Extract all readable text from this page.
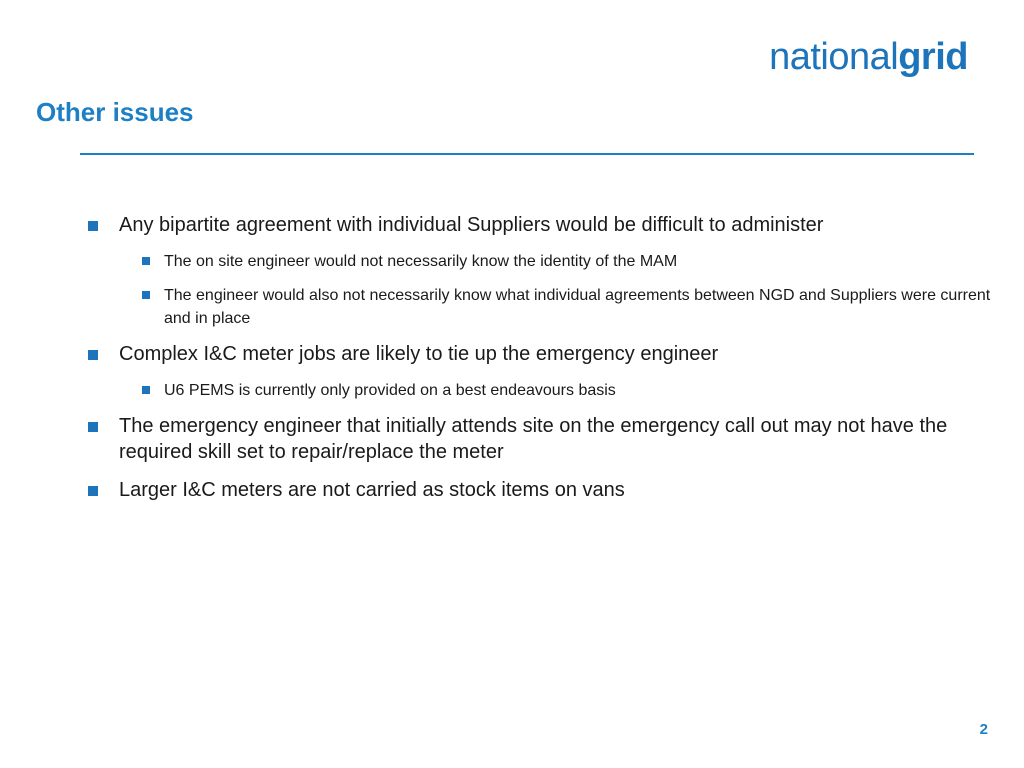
nationalgrid
Other issues
Any bipartite agreement with individual Suppliers would be difficult to administer
The on site engineer would not necessarily know the identity of the MAM
The engineer would also not necessarily know what individual agreements between NGD and Suppliers were current and in place
Complex I&C meter jobs are likely to tie up the emergency engineer
U6 PEMS is currently only provided on a best endeavours basis
The emergency engineer that initially attends site on the emergency call out may not have the required skill set to repair/replace the meter
Larger I&C meters are not carried as stock items on vans
2
